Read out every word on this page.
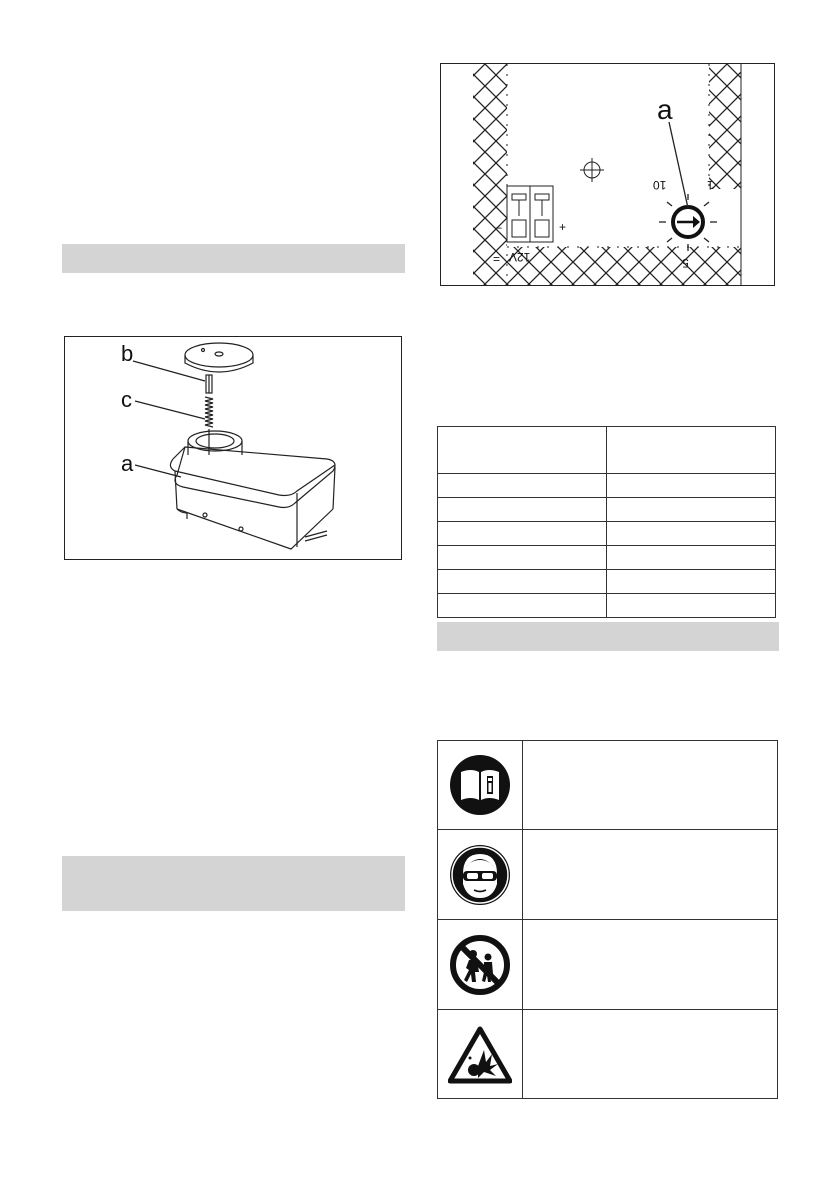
b
c
a
a
10	1
5
–	+
12V
=
